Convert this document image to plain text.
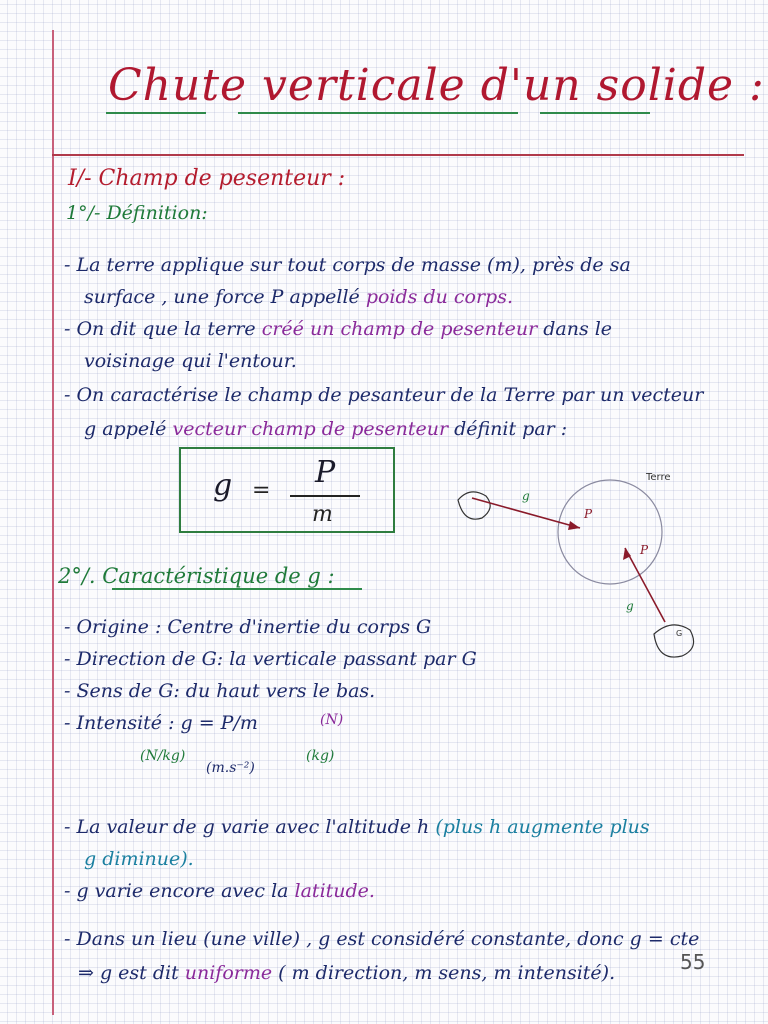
Chute verticale d'un solide :
I/- Champ de pesenteur :
1°/- Définition:
- La terre applique sur tout corps de masse (m), près de sa
surface , une force P appellé poids du corps.
- On dit que la terre créé un champ de pesenteur dans le
voisinage qui l'entour.
- On caractérise le champ de pesanteur de la Terre par un vecteur
g appelé vecteur champ de pesenteur définit par :
g =
P
m
Terre
g
P
P
g
G
2°/. Caractéristique de g :
- Origine : Centre d'inertie du corps G
- Direction de G: la verticale passant par G
- Sens de G: du haut vers le bas.
- Intensité : g = P/m	(N)
(N/kg)
(m.s⁻²)
(kg)
- La valeur de g varie avec l'altitude h (plus h augmente plus
g diminue).
- g varie encore avec la latitude.
- Dans un lieu (une ville) , g est considéré constante, donc g = cte
⇒ g est dit uniforme ( m direction, m sens, m intensité).	55
